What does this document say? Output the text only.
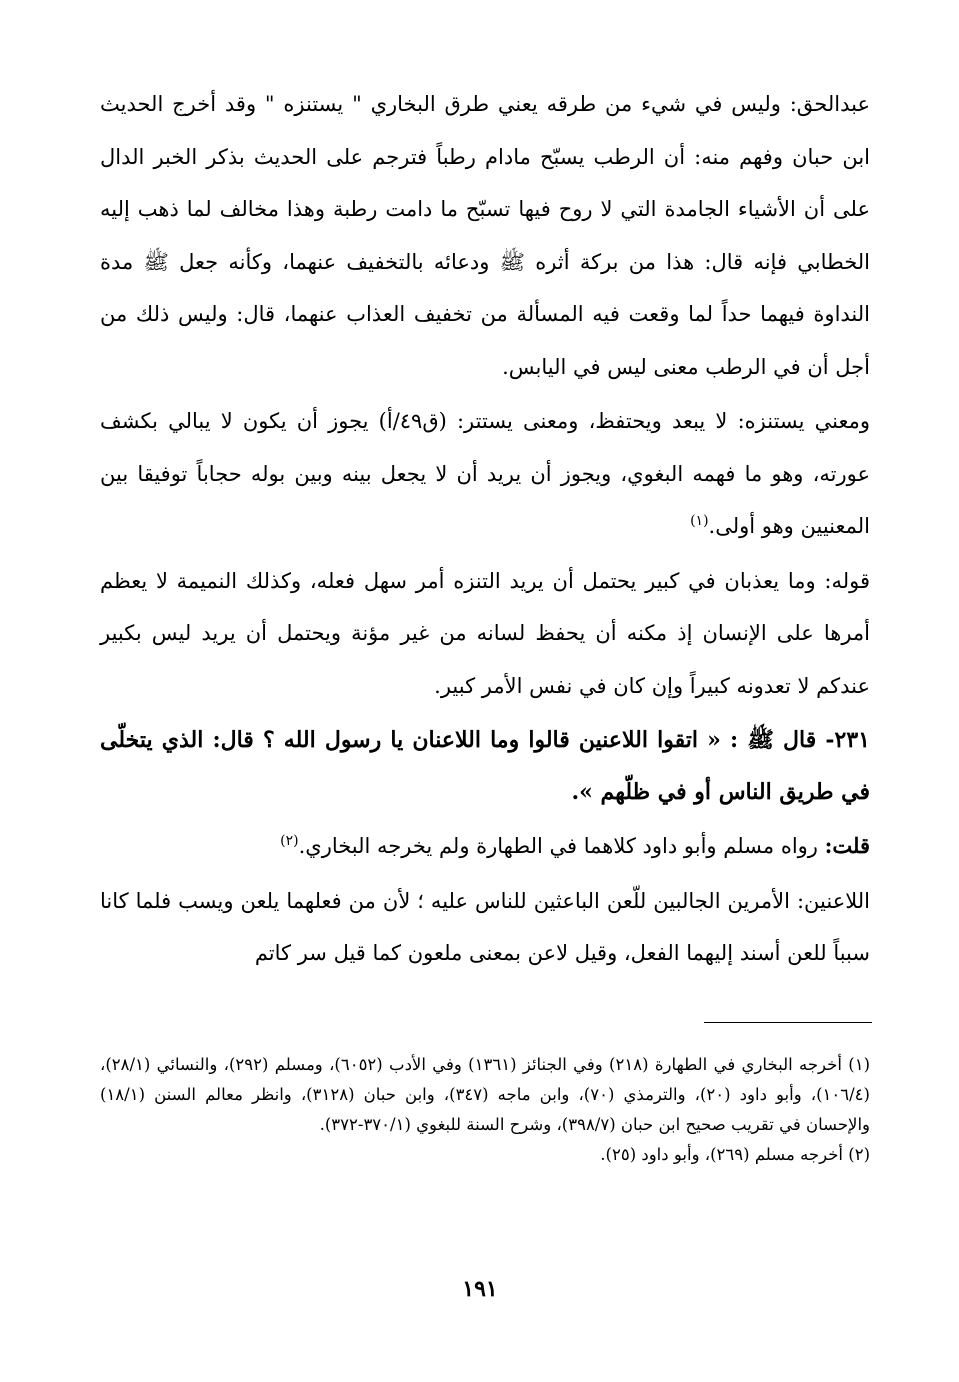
عبدالحق: وليس في شيء من طرقه يعني طرق البخاري " يستنزه " وقد أخرج الحديث ابن حبان وفهم منه: أن الرطب يسبّح مادام رطباً فترجم على الحديث بذكر الخبر الدال على أن الأشياء الجامدة التي لا روح فيها تسبّح ما دامت رطبة وهذا مخالف لما ذهب إليه الخطابي فإنه قال: هذا من بركة أثره ﷺ ودعائه بالتخفيف عنهما، وكأنه جعل ﷺ مدة النداوة فيهما حداً لما وقعت فيه المسألة من تخفيف العذاب عنهما، قال: وليس ذلك من أجل أن في الرطب معنى ليس في اليابس.

ومعني يستنزه: لا يبعد ويحتفظ، ومعنى يستتر: (ق٤٩/أ) يجوز أن يكون لا يبالي بكشف عورته، وهو ما فهمه البغوي، ويجوز أن يريد أن لا يجعل بينه وبين بوله حجاباً توفيقا بين المعنيين وهو أولى.$^{(١)}$

قوله: وما يعذبان في كبير يحتمل أن يريد التنزه أمر سهل فعله، وكذلك النميمة لا يعظم أمرها على الإنسان إذ مكنه أن يحفظ لسانه من غير مؤنة ويحتمل أن يريد ليس بكبير عندكم لا تعدونه كبيراً وإن كان في نفس الأمر كبير.

٢٣١- قال ﷺ : « اتقوا اللاعنين قالوا وما اللاعنان يا رسول الله ؟ قال: الذي يتخلّى في طريق الناس أو في ظلّهم ».

قلت: رواه مسلم وأبو داود كلاهما في الطهارة ولم يخرجه البخاري.$^{(٢)}$

اللاعنين: الأمرين الجالبين للّعن الباعثين للناس عليه ؛ لأن من فعلهما يلعن ويسب فلما كانا سبباً للعن أسند إليهما الفعل، وقيل لاعن بمعنى ملعون كما قيل سر كاتم

(١) أخرجه البخاري في الطهارة (٢١٨) وفي الجنائز (١٣٦١) وفي الأدب (٦٠٥٢)، ومسلم (٢٩٢)، والنسائي (٢٨/١)، (١٠٦/٤)، وأبو داود (٢٠)، والترمذي (٧٠)، وابن ماجه (٣٤٧)، وابن حبان (٣١٢٨)، وانظر معالم السنن (١٨/١) والإحسان في تقريب صحيح ابن حبان (٣٩٨/٧)، وشرح السنة للبغوي (٣٧٠/١-٣٧٢).

(٢) أخرجه مسلم (٢٦٩)، وأبو داود (٢٥).

١٩١
